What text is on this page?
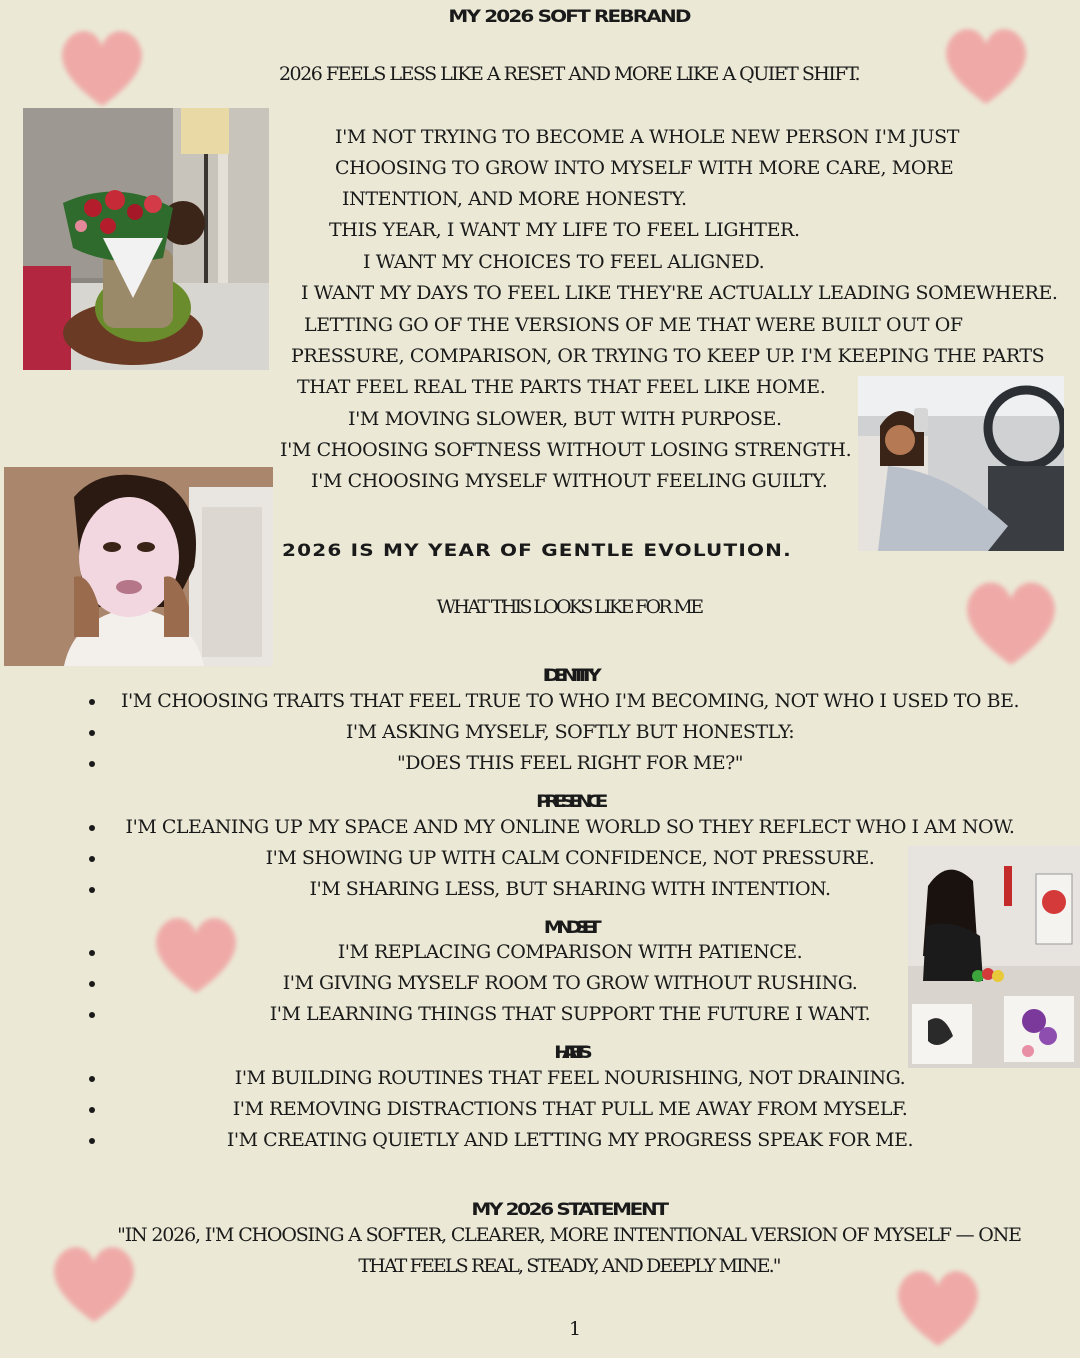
MY 2026 SOFT REBRAND
2026 FEELS LESS LIKE A RESET AND MORE LIKE A QUIET SHIFT.
I'M NOT TRYING TO BECOME A WHOLE NEW PERSON I'M JUST
CHOOSING TO GROW INTO MYSELF WITH MORE CARE, MORE
INTENTION, AND MORE HONESTY.
THIS YEAR, I WANT MY LIFE TO FEEL LIGHTER.
I WANT MY CHOICES TO FEEL ALIGNED.
I WANT MY DAYS TO FEEL LIKE THEY'RE ACTUALLY LEADING SOMEWHERE.
LETTING GO OF THE VERSIONS OF ME THAT WERE BUILT OUT OF
PRESSURE, COMPARISON, OR TRYING TO KEEP UP. I'M KEEPING THE PARTS
THAT FEEL REAL THE PARTS THAT FEEL LIKE HOME.
I'M MOVING SLOWER, BUT WITH PURPOSE.
I'M CHOOSING SOFTNESS WITHOUT LOSING STRENGTH.
I'M CHOOSING MYSELF WITHOUT FEELING GUILTY.
2026 IS MY YEAR OF GENTLE EVOLUTION.
WHAT THIS LOOKS LIKE FOR ME
IDENTITY
I'M CHOOSING TRAITS THAT FEEL TRUE TO WHO I'M BECOMING, NOT WHO I USED TO BE.
I'M ASKING MYSELF, SOFTLY BUT HONESTLY:
"DOES THIS FEEL RIGHT FOR ME?"
PRESENCE
I'M CLEANING UP MY SPACE AND MY ONLINE WORLD SO THEY REFLECT WHO I AM NOW.
I'M SHOWING UP WITH CALM CONFIDENCE, NOT PRESSURE.
I'M SHARING LESS, BUT SHARING WITH INTENTION.
MINDSET
I'M REPLACING COMPARISON WITH PATIENCE.
I'M GIVING MYSELF ROOM TO GROW WITHOUT RUSHING.
I'M LEARNING THINGS THAT SUPPORT THE FUTURE I WANT.
HABITS
I'M BUILDING ROUTINES THAT FEEL NOURISHING, NOT DRAINING.
I'M REMOVING DISTRACTIONS THAT PULL ME AWAY FROM MYSELF.
I'M CREATING QUIETLY AND LETTING MY PROGRESS SPEAK FOR ME.
MY 2026 STATEMENT
"IN 2026, I'M CHOOSING A SOFTER, CLEARER, MORE INTENTIONAL VERSION OF MYSELF — ONE
THAT FEELS REAL, STEADY, AND DEEPLY MINE."
